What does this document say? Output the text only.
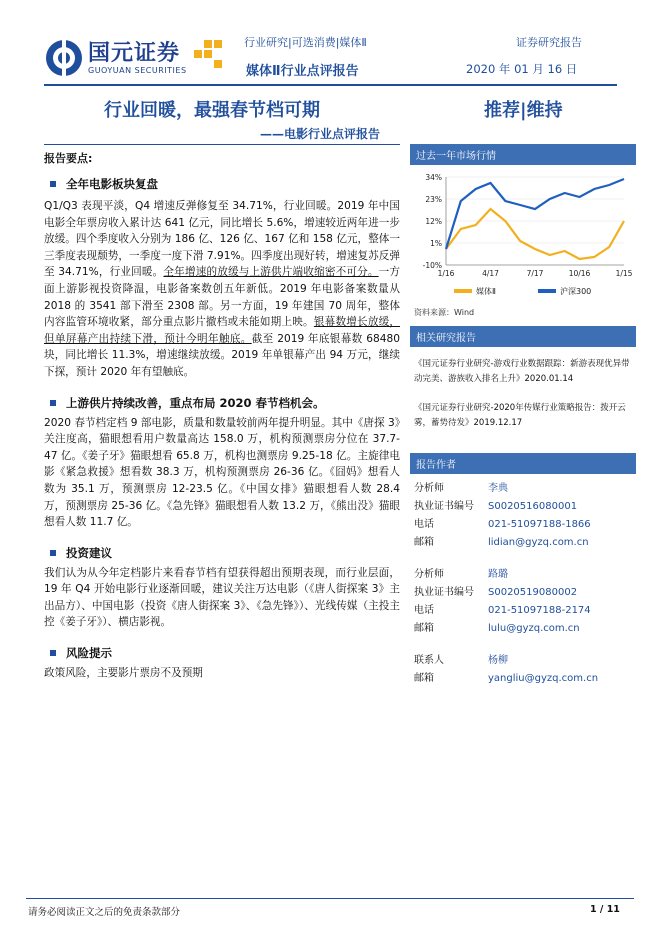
国元证券
GUOYUAN SECURITIES
行业研究|可选消费|媒体Ⅱ	证券研究报告
媒体Ⅱ行业点评报告	2020 年 01 月 16 日
行业回暖，最强春节档可期	推荐|维持
——电影行业点评报告
报告要点:
全年电影板块复盘
Q1/Q3 表现平淡，Q4 增速反弹修复至 34.71%，行业回暖。2019 年中国电影全年票房收入累计达 641 亿元，同比增长 5.6%，增速较近两年进一步放缓。四个季度收入分别为 186 亿、126 亿、167 亿和 158 亿元，整体一三季度表现颓势，一季度一度下滑 7.91%。四季度出现好转，增速复苏反弹至 34.71%，行业回暖。全年增速的放缓与上游供片端收缩密不可分。一方面上游影视投资降温，电影备案数创五年新低。2019 年电影备案数量从 2018 的 3541 部下滑至 2308 部。另一方面，19 年建国 70 周年，整体内容监管环境收紧，部分重点影片撤档或未能如期上映。银幕数增长放缓，但单屏幕产出持续下滑，预计今明年触底。截至 2019 年底银幕数 68480 块，同比增长 11.3%，增速继续放缓。2019 年单银幕产出 94 万元，继续下探，预计 2020 年有望触底。
上游供片持续改善，重点布局 2020 春节档机会。
2020 春节档定档 9 部电影，质量和数量较前两年提升明显。其中《唐探 3》关注度高，猫眼想看用户数量高达 158.0 万，机构预测票房分位在 37.7-47 亿。《姜子牙》猫眼想看 65.8 万，机构也测票房 9.25-18 亿。主旋律电影《紧急救援》想看数 38.3 万，机构预测票房 26-36 亿。《囧妈》想看人数为 35.1 万，预测票房 12-23.5 亿。《中国女排》猫眼想看人数 28.4 万，预测票房 25-36 亿。《急先锋》猫眼想看人数 13.2 万，《熊出没》猫眼想看人数 11.7 亿。
投资建议
我们认为从今年定档影片来看春节档有望获得超出预期表现，而行业层面，19 年 Q4 开始电影行业逐渐回暖，建议关注万达电影（《唐人街探案 3》主出品方）、中国电影（投资《唐人街探案 3》、《急先锋》）、光线传媒（主投主控《姜子牙》）、横店影视。
风险提示
政策风险，主要影片票房不及预期
过去一年市场行情
34%
23%
12%
1%
-10%
1/16	4/17	7/17	10/16	1/15
媒体Ⅱ	沪深300
资料来源：Wind
相关研究报告
《国元证券行业研究-游戏行业数据跟踪：新游表现优异带动完美、游族收入排名上升》2020.01.14
《国元证券行业研究-2020年传媒行业策略报告：拨开云雾，蓄势待发》2019.12.17
报告作者
分析师	李典
执业证书编号 S0020516080001
电话	021-51097188-1866
邮箱	lidian@gyzq.com.cn
分析师	路璐
执业证书编号 S0020519080002
电话	021-51097188-2174
邮箱	lulu@gyzq.com.cn
联系人	杨柳
邮箱	yangliu@gyzq.com.cn
请务必阅读正文之后的免责条款部分	1 / 11
